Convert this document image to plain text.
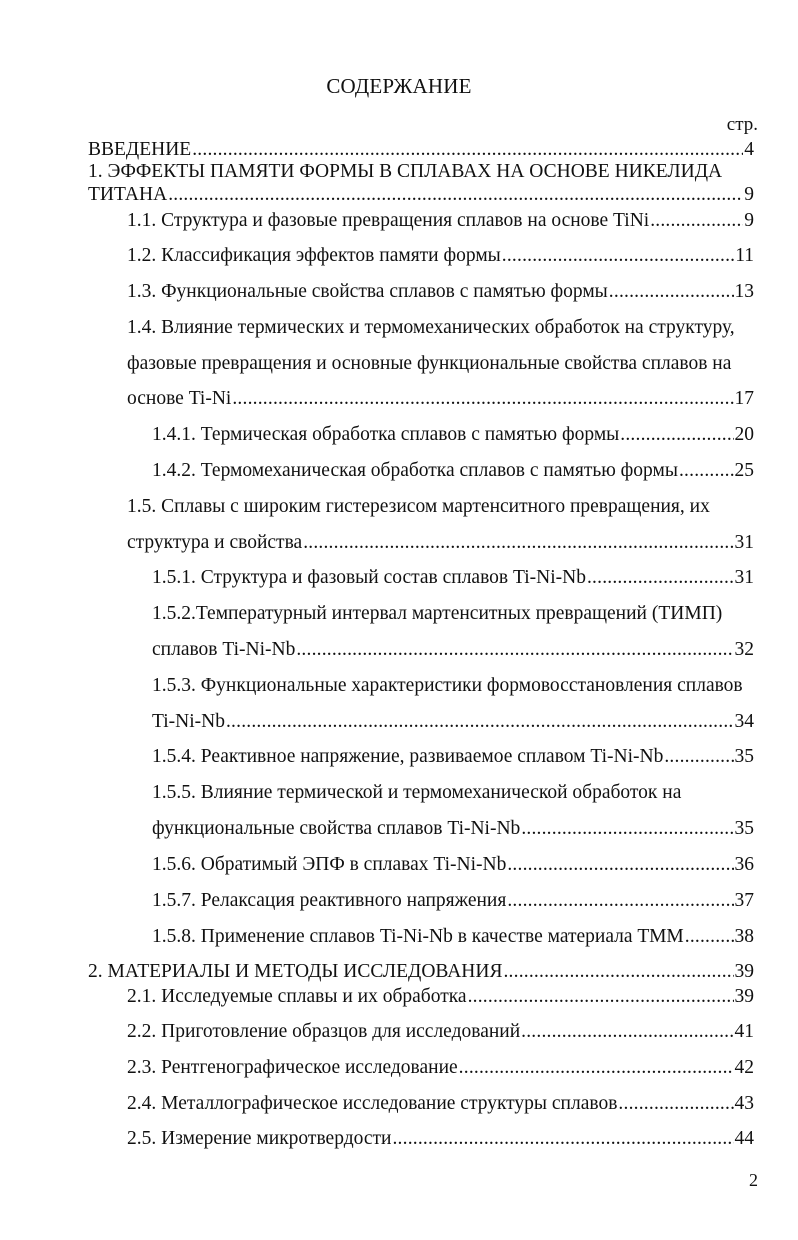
СОДЕРЖАНИЕ
стр.
ВВЕДЕНИЕ .....	4
1. ЭФФЕКТЫ ПАМЯТИ ФОРМЫ В СПЛАВАХ НА ОСНОВЕ НИКЕЛИДА
ТИТАНА .....	9
1.1. Структура и фазовые превращения сплавов на основе TiNi .....	9
1.2. Классификация эффектов памяти формы .....	11
1.3. Функциональные свойства сплавов с памятью формы .....	13
1.4. Влияние термических и термомеханических обработок на структуру,
фазовые превращения и основные функциональные свойства сплавов на
основе Ti-Ni .....	17
1.4.1. Термическая обработка сплавов с памятью формы .....	20
1.4.2. Термомеханическая обработка сплавов с памятью формы .....	25
1.5. Сплавы с широким гистерезисом мартенситного превращения, их
структура и свойства .....	31
1.5.1. Структура и фазовый состав сплавов Ti-Ni-Nb .....	31
1.5.2.Температурный интервал мартенситных превращений (ТИМП)
сплавов Ti-Ni-Nb .....	32
1.5.3. Функциональные характеристики формовосстановления сплавов
Ti-Ni-Nb .....	34
1.5.4. Реактивное напряжение, развиваемое сплавом Ti-Ni-Nb .....	35
1.5.5. Влияние термической и термомеханической обработок на
функциональные свойства сплавов Ti-Ni-Nb .....	35
1.5.6. Обратимый ЭПФ в сплавах Ti-Ni-Nb .....	36
1.5.7. Релаксация реактивного напряжения .....	37
1.5.8. Применение сплавов Ti-Ni-Nb в качестве материала ТММ .....	38
2. МАТЕРИАЛЫ И МЕТОДЫ ИССЛЕДОВАНИЯ .....	39
2.1. Исследуемые сплавы и их обработка .....	39
2.2. Приготовление образцов для исследований .....	41
2.3. Рентгенографическое исследование .....	42
2.4. Металлографическое исследование структуры сплавов .....	43
2.5. Измерение микротвердости .....	44
2
